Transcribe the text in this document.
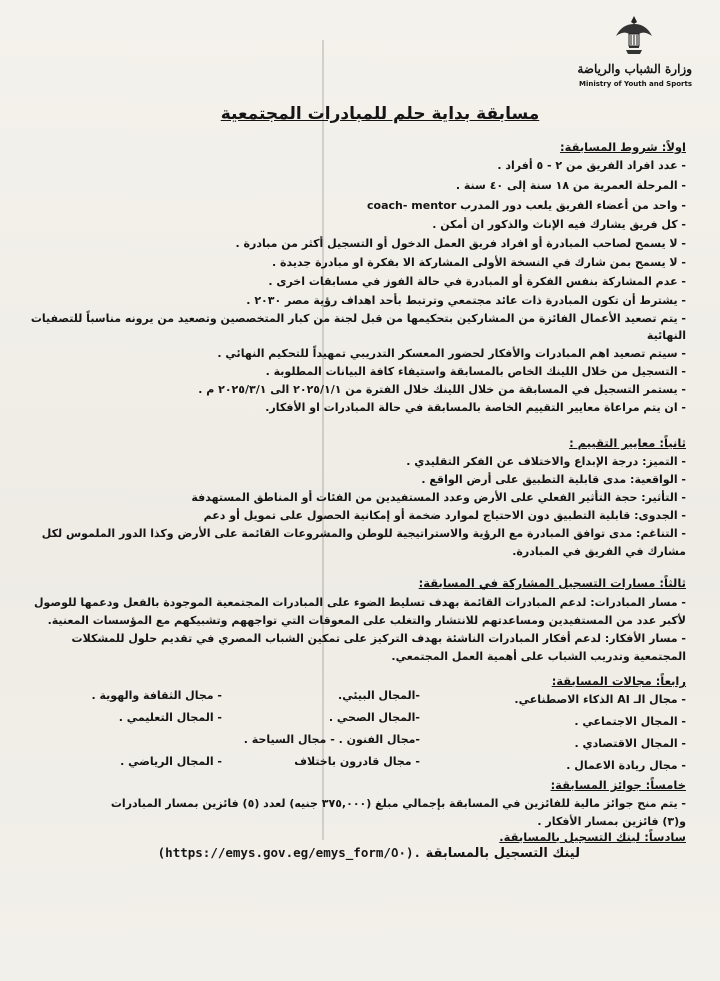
وزارة الشباب والرياضة
Ministry of Youth and Sports
مسابقة بداية حلم للمبادرات المجتمعية
اولاً: شروط المسابقة:
- عدد افراد الفريق من ٢ - ٥ أفراد .
- المرحلة العمرية من ١٨ سنة إلى ٤٠ سنة .
- واحد من أعضاء الفريق يلعب دور المدرب coach- mentor
- كل فريق يشارك فيه الإناث والذكور ان أمكن .
- لا يسمح لصاحب المبادرة أو افراد فريق العمل الدخول أو التسجيل أكثر من مبادرة .
- لا يسمح بمن شارك في النسخة الأولى المشاركة الا بفكرة او مبادرة جديدة .
- عدم المشاركة بنفس الفكرة أو المبادرة في حالة الفوز في مسابقات اخرى .
- يشترط أن تكون المبادرة ذات عائد مجتمعي وترتبط بأحد اهداف رؤية مصر ٢٠٣٠ .
- يتم تصعيد الأعمال الفائزة من المشاركين بتحكيمها من قبل لجنة من كبار المتخصصين وتصعيد من يرونه مناسباً للتصفيات
النهائية
- سيتم تصعيد اهم المبادرات والأفكار لحضور المعسكر التدريبي تمهيداً للتحكيم النهائي .
- التسجيل من خلال اللينك الخاص بالمسابقة واستيفاء كافة البيانات المطلوبة .
- يستمر التسجيل في المسابقة من خلال اللينك خلال الفترة من ٢٠٢٥/١/١ الى ٢٠٢٥/٣/١ م .
- ان يتم مراعاة معايير التقييم الخاصة بالمسابقة في حالة المبادرات او الأفكار.
ثانياً: معايير التقييم :
- التميز: درجة الإبداع والاختلاف عن الفكر التقليدي .
- الواقعية: مدى قابلية التطبيق على أرض الواقع .
- التأثير: حجة التأثير الفعلي على الأرض وعدد المستفيدين من الفئات أو المناطق المستهدفة
- الجدوى: قابلية التطبيق دون الاحتياج لموارد ضخمة أو إمكانية الحصول على تمويل أو دعم
- التناغم: مدى توافق المبادرة مع الرؤية والاستراتيجية للوطن والمشروعات القائمة على الأرض وكذا الدور الملموس لكل
مشارك في الفريق في المبادرة.
ثالثاً: مسارات التسجيل المشاركة في المسابقة:
- مسار المبادرات: لدعم المبادرات القائمة بهدف تسليط الضوء على المبادرات المجتمعية الموجودة بالفعل ودعمها للوصول
لأكبر عدد من المستفيدين ومساعدتهم للانتشار والتغلب على المعوقات التي تواجههم وتشبيكهم مع المؤسسات المعنية.
- مسار الأفكار: لدعم أفكار المبادرات الناشئة بهدف التركيز على تمكين الشباب المصري في تقديم حلول للمشكلات
المجتمعية وتدريب الشباب على أهمية العمل المجتمعي.
رابعاً: مجالات المسابقة:
- مجال الـ AI الذكاء الاصطناعي.
- المجال الاجتماعي .
- المجال الاقتصادي .
- مجال ريادة الاعمال .
-المجال البيئي.
-المجال الصحي .
-مجال الفنون . - مجال السياحة .
- مجال قادرون باختلاف
- مجال الثقافة والهوية .
- المجال التعليمي .
- المجال الرياضي .
خامساً: جوائز المسابقة:
- يتم منح جوائز مالية للفائزين في المسابقة بإجمالي مبلغ (٣٧٥,٠٠٠ جنيه) لعدد (٥) فائزين بمسار المبادرات
و(٣) فائزين بمسار الأفكار .
سادساً: لينك التسجيل بالمسابقة.
لينك التسجيل بالمسابقة (https://emys.gov.eg/emys_form/٥٠).
